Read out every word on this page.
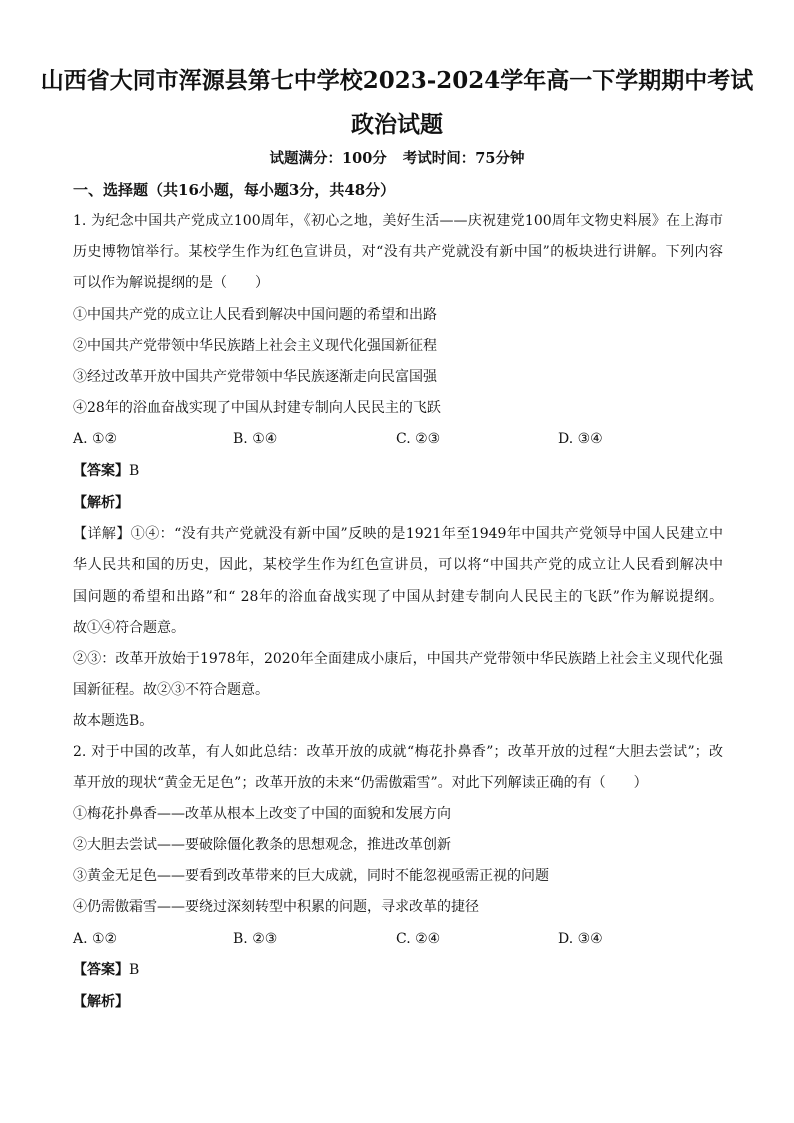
山西省大同市浑源县第七中学校2023-2024学年高一下学期期中考试
政治试题
试题满分：100分 考试时间：75分钟
一、选择题（共16小题，每小题3分，共48分）
1. 为纪念中国共产党成立100周年，《初心之地，美好生活——庆祝建党100周年文物史料展》在上海市
历史博物馆举行。某校学生作为红色宣讲员，对“没有共产党就没有新中国”的板块进行讲解。下列内容
可以作为解说提纲的是（　　）
①中国共产党的成立让人民看到解决中国问题的希望和出路
②中国共产党带领中华民族踏上社会主义现代化强国新征程
③经过改革开放中国共产党带领中华民族逐渐走向民富国强
④28年的浴血奋战实现了中国从封建专制向人民民主的飞跃
A. ①②	B. ①④	C. ②③	D. ③④
【答案】B
【解析】
【详解】①④：“没有共产党就没有新中国”反映的是1921年至1949年中国共产党领导中国人民建立中
华人民共和国的历史，因此，某校学生作为红色宣讲员，可以将“中国共产党的成立让人民看到解决中
国问题的希望和出路”和“ 28年的浴血奋战实现了中国从封建专制向人民民主的飞跃”作为解说提纲。
故①④符合题意。
②③：改革开放始于1978年，2020年全面建成小康后，中国共产党带领中华民族踏上社会主义现代化强
国新征程。故②③不符合题意。
故本题选B。
2. 对于中国的改革，有人如此总结：改革开放的成就“梅花扑鼻香”；改革开放的过程“大胆去尝试”；改
革开放的现状“黄金无足色”；改革开放的未来“仍需傲霜雪”。对此下列解读正确的有（　　）
①梅花扑鼻香——改革从根本上改变了中国的面貌和发展方向
②大胆去尝试——要破除僵化教条的思想观念，推进改革创新
③黄金无足色——要看到改革带来的巨大成就，同时不能忽视亟需正视的问题
④仍需傲霜雪——要绕过深刻转型中积累的问题，寻求改革的捷径
A. ①②	B. ②③	C. ②④	D. ③④
【答案】B
【解析】
